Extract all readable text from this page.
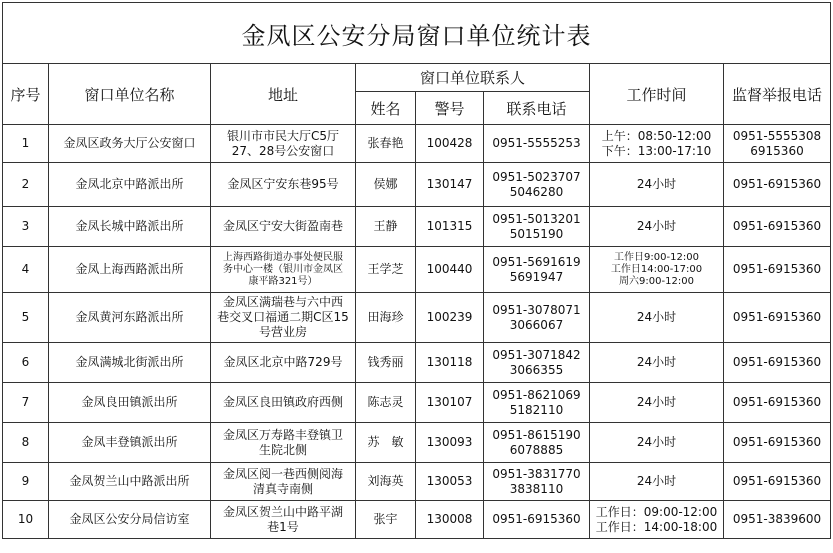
金凤区公安分局窗口单位统计表							
序号	窗口单位名称	地址	窗口单位联系人			工作时间	监督举报电话
			姓名	警号	联系电话		
1	金凤区政务大厅公安窗口	银川市市民大厅C5厅
27、28号公安窗口	张春艳	100428	0951-5555253	上午：08:50-12:00
下午：13:00-17:10	0951-5555308
6915360

2	金凤北京中路派出所	金凤区宁安东巷95号	侯娜	130147	0951-5023707
5046280	24小时	0951-6915360

3	金凤长城中路派出所	金凤区宁安大街盈南巷	王静	101315	0951-5013201
5015190	24小时	0951-6915360

4	金凤上海西路派出所	上海西路街道办事处便民服
务中心一楼（银川市金凤区
康平路321号）	王学芝	100440	0951-5691619
5691947	工作日9:00-12:00
工作日14:00-17:00
周六9:00-12:00	0951-6915360

5	金凤黄河东路派出所	金凤区满瑞巷与六中西
巷交叉口福通二期C区15
号营业房	田海珍	100239	0951-3078071
3066067	24小时	0951-6915360

6	金凤满城北街派出所	金凤区北京中路729号	钱秀丽	130118	0951-3071842
3066355	24小时	0951-6915360

7	金凤良田镇派出所	金凤区良田镇政府西侧	陈志灵	130107	0951-8621069
5182110	24小时	0951-6915360

8	金凤丰登镇派出所	金凤区万寿路丰登镇卫
生院北侧	苏　敏	130093	0951-8615190
6078885	24小时	0951-6915360

9	金凤贺兰山中路派出所	金凤区阅一巷西侧阅海
清真寺南侧	刘海英	130053	0951-3831770
3838110	24小时	0951-6915360

10	金凤区公安分局信访室	金凤区贺兰山中路平湖
巷1号	张宇	130008	0951-6915360	工作日：09:00-12:00
工作日：14:00-18:00	0951-3839600
